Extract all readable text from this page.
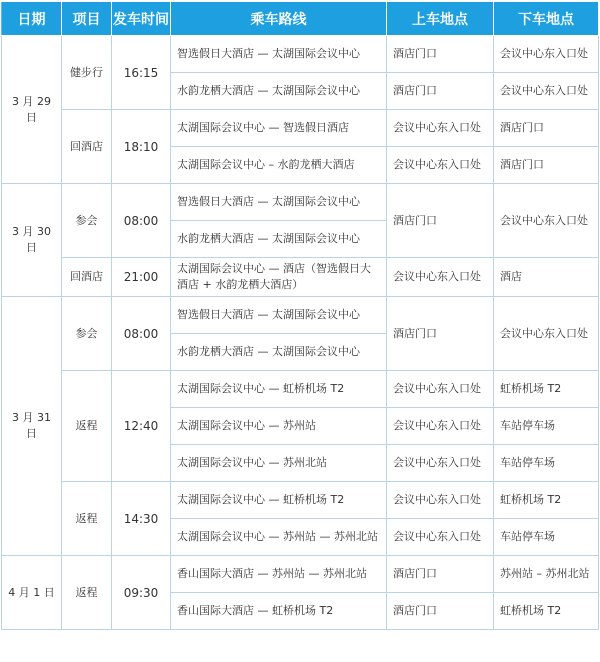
日期	项目	发车时间	乘车路线	上车地点	下车地点
3 月 29 日	健步行	16:15	智选假日大酒店 — 太湖国际会议中心	酒店门口	会议中心东入口处
			水韵龙栖大酒店 — 太湖国际会议中心	酒店门口	会议中心东入口处
	回酒店	18:10	太湖国际会议中心 — 智选假日酒店	会议中心东入口处	酒店门口
			太湖国际会议中心 – 水韵龙栖大酒店	会议中心东入口处	酒店门口
3 月 30 日	参会	08:00	智选假日大酒店 — 太湖国际会议中心	酒店门口	会议中心东入口处
			水韵龙栖大酒店 — 太湖国际会议中心		
	回酒店	21:00	太湖国际会议中心 — 酒店（智选假日大酒店 + 水韵龙栖大酒店）	会议中心东入口处	酒店
3 月 31 日	参会	08:00	智选假日大酒店 — 太湖国际会议中心	酒店门口	会议中心东入口处
			水韵龙栖大酒店 — 太湖国际会议中心		
	返程	12:40	太湖国际会议中心 — 虹桥机场 T2	会议中心东入口处	虹桥机场 T2
			太湖国际会议中心 — 苏州站	会议中心东入口处	车站停车场
			太湖国际会议中心 — 苏州北站	会议中心东入口处	车站停车场
	返程	14:30	太湖国际会议中心 — 虹桥机场 T2	会议中心东入口处	虹桥机场 T2
			太湖国际会议中心 — 苏州站 — 苏州北站	会议中心东入口处	车站停车场
4 月 1 日	返程	09:30	香山国际大酒店 — 苏州站 — 苏州北站	酒店门口	苏州站 – 苏州北站
			香山国际大酒店 — 虹桥机场 T2	酒店门口	虹桥机场 T2
